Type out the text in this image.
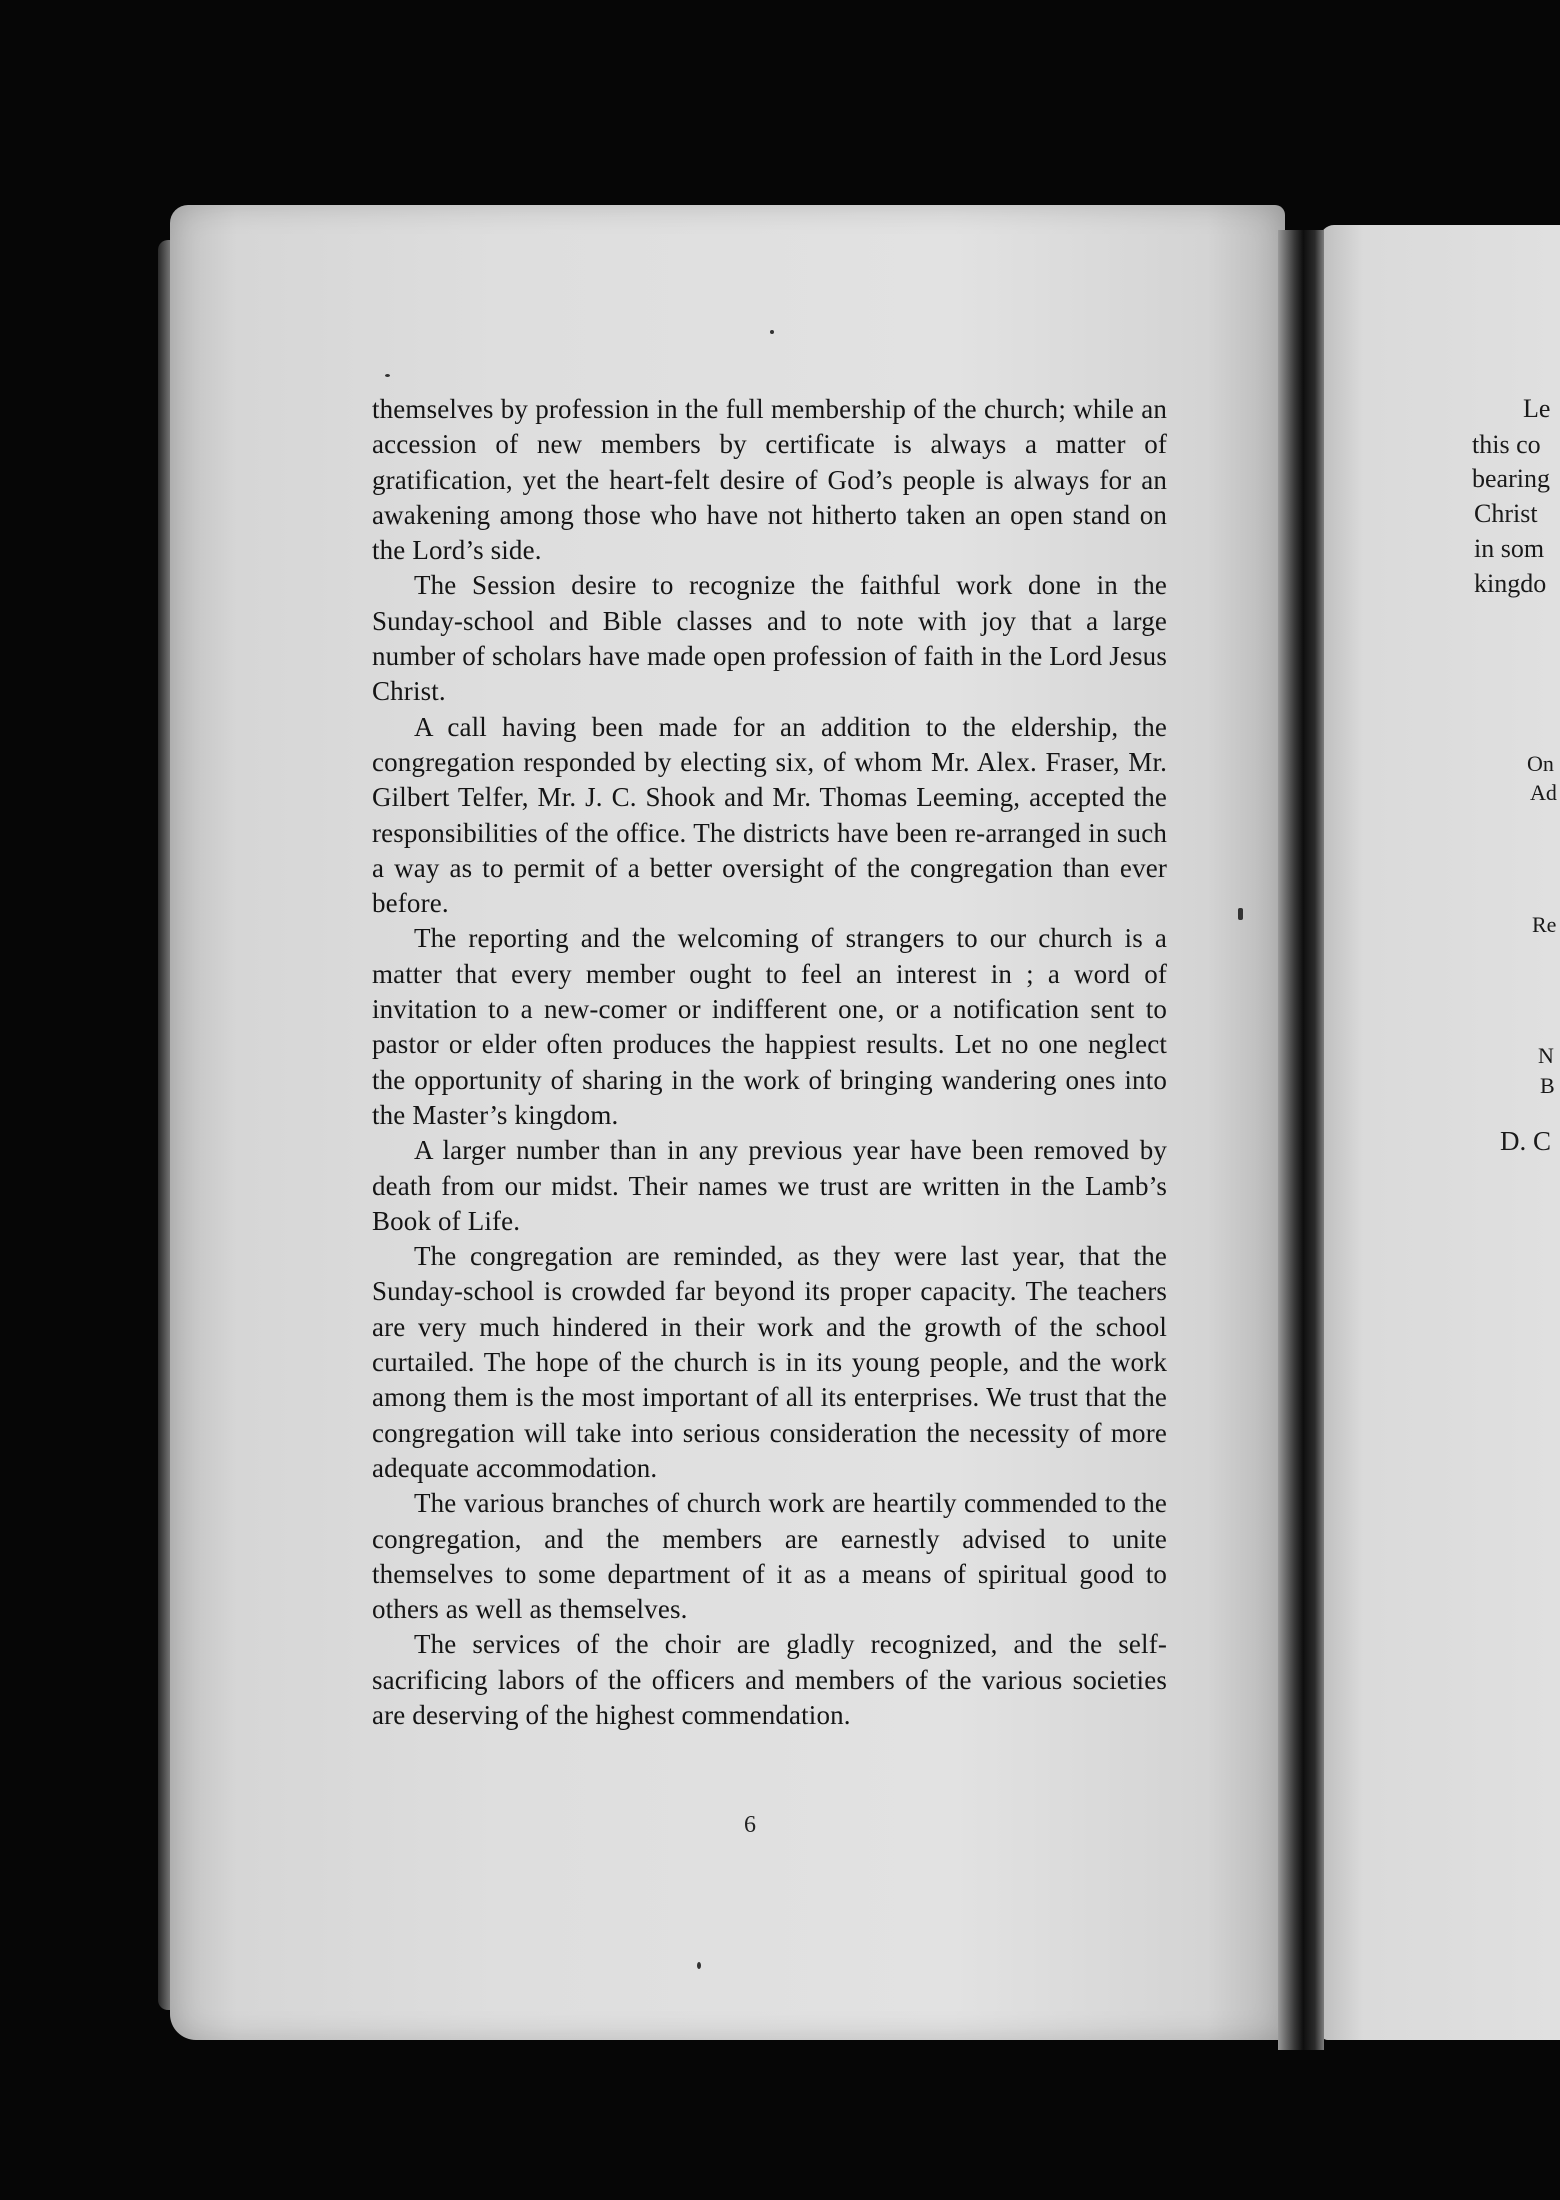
themselves by profession in the full membership of the church; while an accession of new members by certificate is always a matter of gratification, yet the heart-felt desire of God’s people is always for an awakening among those who have not hitherto taken an open stand on the Lord’s side.

The Session desire to recognize the faithful work done in the Sunday-school and Bible classes and to note with joy that a large number of scholars have made open profession of faith in the Lord Jesus Christ.

A call having been made for an addition to the eldership, the congregation responded by electing six, of whom Mr. Alex. Fraser, Mr. Gilbert Telfer, Mr. J. C. Shook and Mr. Thomas Leeming, accepted the responsibilities of the office. The districts have been re-arranged in such a way as to permit of a better oversight of the congregation than ever before.

The reporting and the welcoming of strangers to our church is a matter that every member ought to feel an interest in ; a word of invitation to a new-comer or indifferent one, or a notification sent to pastor or elder often produces the happiest results. Let no one neglect the opportunity of sharing in the work of bringing wandering ones into the Master’s kingdom.

A larger number than in any previous year have been removed by death from our midst. Their names we trust are written in the Lamb’s Book of Life.

The congregation are reminded, as they were last year, that the Sunday-school is crowded far beyond its proper capacity. The teachers are very much hindered in their work and the growth of the school curtailed. The hope of the church is in its young people, and the work among them is the most important of all its enterprises. We trust that the congregation will take into serious consideration the necessity of more adequate accommodation.

The various branches of church work are heartily commended to the congregation, and the members are earnestly advised to unite themselves to some department of it as a means of spiritual good to others as well as themselves.

The services of the choir are gladly recognized, and the self-sacrificing labors of the officers and members of the various societies are deserving of the highest commendation.

6
Le
this co
bearing
Christ
in som
kingdo
On
Ad
Re
N
B
D. C
